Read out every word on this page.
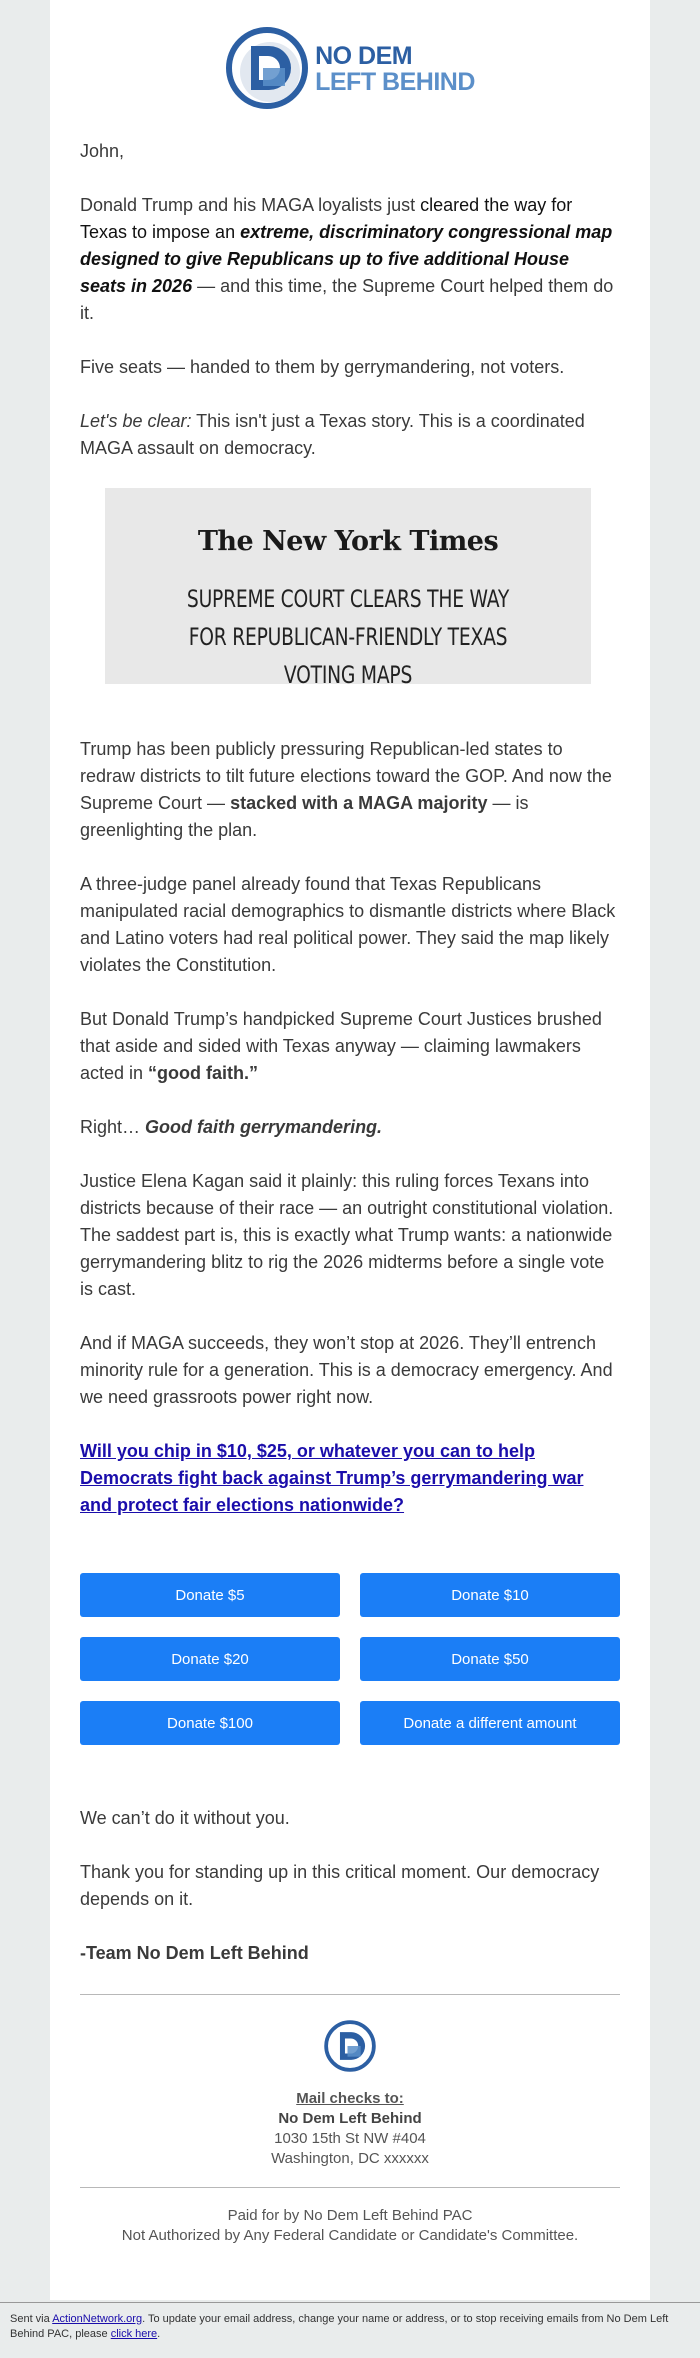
NO DEM
LEFT BEHIND

John,

Donald Trump and his MAGA loyalists just cleared the way for Texas to impose an extreme, discriminatory congressional map designed to give Republicans up to five additional House seats in 2026 — and this time, the Supreme Court helped them do it.

Five seats — handed to them by gerrymandering, not voters.

Let's be clear: This isn't just a Texas story. This is a coordinated MAGA assault on democracy.

The New York Times
SUPREME COURT CLEARS THE WAY FOR REPUBLICAN-FRIENDLY TEXAS VOTING MAPS

Trump has been publicly pressuring Republican-led states to redraw districts to tilt future elections toward the GOP. And now the Supreme Court — stacked with a MAGA majority — is greenlighting the plan.

A three-judge panel already found that Texas Republicans manipulated racial demographics to dismantle districts where Black and Latino voters had real political power. They said the map likely violates the Constitution.

But Donald Trump’s handpicked Supreme Court Justices brushed that aside and sided with Texas anyway — claiming lawmakers acted in “good faith.”

Right… Good faith gerrymandering.

Justice Elena Kagan said it plainly: this ruling forces Texans into districts because of their race — an outright constitutional violation. The saddest part is, this is exactly what Trump wants: a nationwide gerrymandering blitz to rig the 2026 midterms before a single vote is cast.

And if MAGA succeeds, they won’t stop at 2026. They’ll entrench minority rule for a generation. This is a democracy emergency. And we need grassroots power right now.

Will you chip in $10, $25, or whatever you can to help Democrats fight back against Trump’s gerrymandering war and protect fair elections nationwide?
Donate $5	Donate $10
Donate $20	Donate $50
Donate $100	Donate a different amount

We can’t do it without you.

Thank you for standing up in this critical moment. Our democracy depends on it.

-Team No Dem Left Behind

Mail checks to:
No Dem Left Behind
1030 15th St NW #404
Washington, DC xxxxxx
Paid for by No Dem Left Behind PAC
Not Authorized by Any Federal Candidate or Candidate's Committee.
Sent via ActionNetwork.org. To update your email address, change your name or address, or to stop receiving emails from No Dem Left Behind PAC, please click here.
